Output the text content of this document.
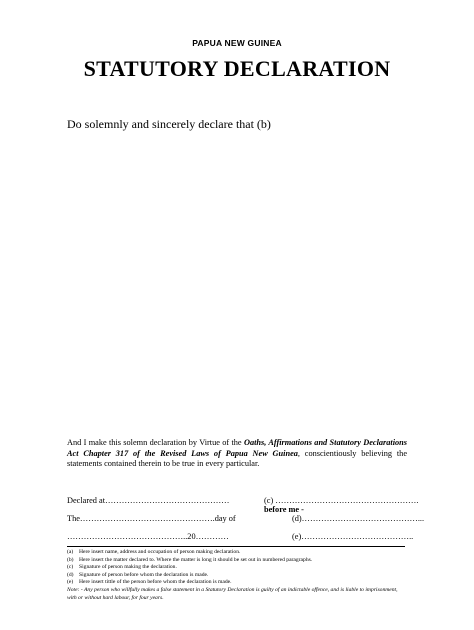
PAPUA NEW GUINEA
STATUTORY DECLARATION
Do solemnly and sincerely declare that (b)
And I make this solemn declaration by Virtue of the Oaths, Affirmations and Statutory Declarations Act Chapter 317 of the Revised Laws of Papua New Guinea, conscientiously believing the statements contained therein to be true in every particular.
Declared at………………………………………	(c) …………………………………………….
before me -
The………………………………………….day of	(d)……………………………………...
……………………………………..20…………	(e)…………………………………..
(a)	Here insert name, address and occupation of person making declaration.
(b) Here insert the matter declared to. Where the matter is long it should be set out in numbered paragraphs.
(c)	Signature of person making the declaration.
(d) Signature of person before whom the declaration is made.
(e)	Here insert tittle of the person before whom the declaration is made.
Note: - Any person who willfully makes a false statement in a Statutory Declaration is guilty of an indictable offence, and is liable to imprisonment, with or without hard labour, for four years.
